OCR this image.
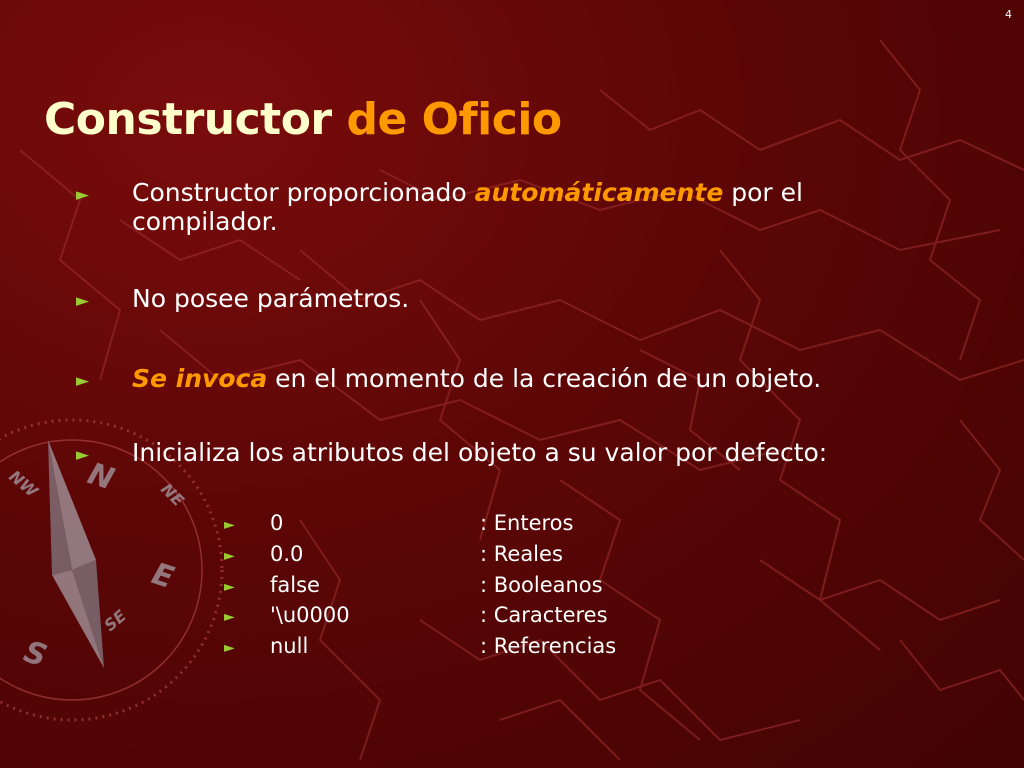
N
S
E
NW	NE
SE
4
Constructor de Oficio
► Constructor proporcionado automáticamente por el compilador.
► No posee parámetros.
► Se invoca en el momento de la creación de un objeto.
► Inicializa los atributos del objeto a su valor por defecto:
► 0	: Enteros
► 0.0	: Reales
► false	: Booleanos
► '\u0000	: Caracteres
► null	: Referencias
